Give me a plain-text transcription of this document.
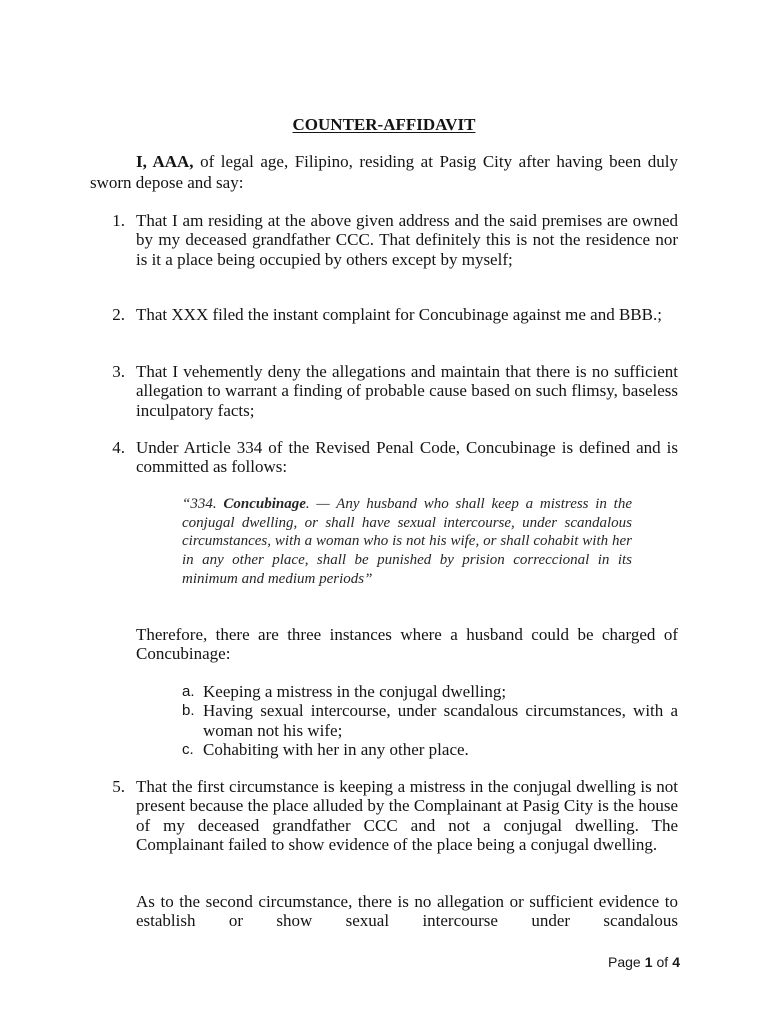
COUNTER-AFFIDAVIT

I, AAA, of legal age, Filipino, residing at Pasig City after having been duly sworn depose and say:

1. That I am residing at the above given address and the said premises are owned by my deceased grandfather CCC. That definitely this is not the residence nor is it a place being occupied by others except by myself;
2. That XXX filed the instant complaint for Concubinage against me and BBB.;
3. That I vehemently deny the allegations and maintain that there is no sufficient allegation to warrant a finding of probable cause based on such flimsy, baseless inculpatory facts;
4. Under Article 334 of the Revised Penal Code, Concubinage is defined and is committed as follows:

“334. Concubinage. — Any husband who shall keep a mistress in the conjugal dwelling, or shall have sexual intercourse, under scandalous circumstances, with a woman who is not his wife, or shall cohabit with her in any other place, shall be punished by prision correccional in its minimum and medium periods”

Therefore, there are three instances where a husband could be charged of Concubinage:

a. Keeping a mistress in the conjugal dwelling;
b. Having sexual intercourse, under scandalous circumstances, with a woman not his wife;
c. Cohabiting with her in any other place.
5. That the first circumstance is keeping a mistress in the conjugal dwelling is not present because the place alluded by the Complainant at Pasig City is the house of my deceased grandfather CCC and not a conjugal dwelling. The Complainant failed to show evidence of the place being a conjugal dwelling.

As to the second circumstance, there is no allegation or sufficient evidence to establish or show sexual intercourse under scandalous

Page 1 of 4
